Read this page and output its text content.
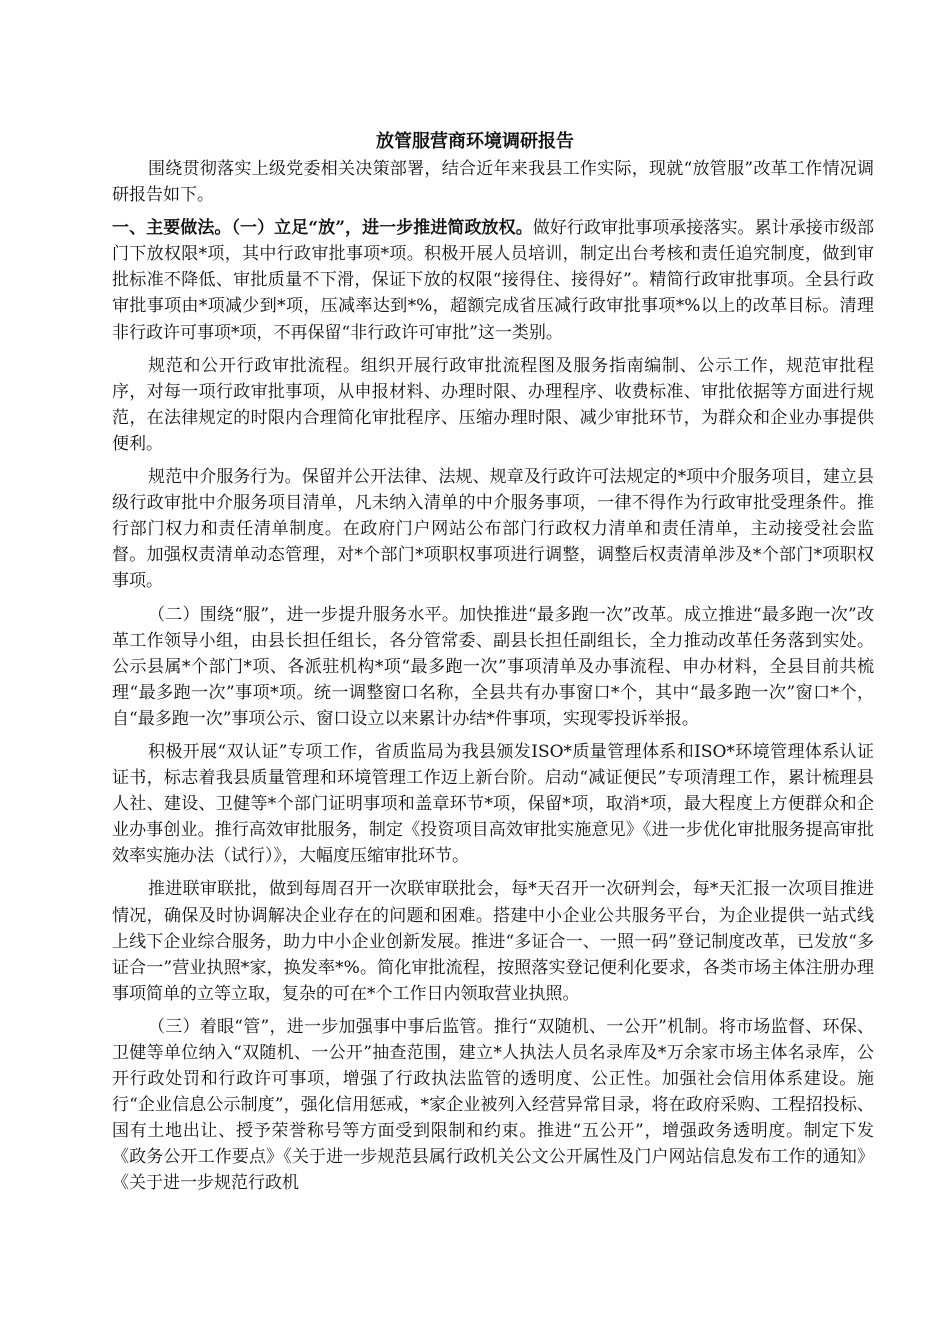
放管服营商环境调研报告

围绕贯彻落实上级党委相关决策部署，结合近年来我县工作实际，现就“放管服”改革工作情况调研报告如下。

一、主要做法。（一）立足“放”，进一步推进简政放权。做好行政审批事项承接落实。累计承接市级部门下放权限*项，其中行政审批事项*项。积极开展人员培训，制定出台考核和责任追究制度，做到审批标准不降低、审批质量不下滑，保证下放的权限“接得住、接得好”。精简行政审批事项。全县行政审批事项由*项减少到*项，压减率达到*%，超额完成省压减行政审批事项*%以上的改革目标。清理非行政许可事项*项，不再保留“非行政许可审批”这一类别。

规范和公开行政审批流程。组织开展行政审批流程图及服务指南编制、公示工作，规范审批程序，对每一项行政审批事项，从申报材料、办理时限、办理程序、收费标准、审批依据等方面进行规范，在法律规定的时限内合理简化审批程序、压缩办理时限、减少审批环节，为群众和企业办事提供便利。

规范中介服务行为。保留并公开法律、法规、规章及行政许可法规定的*项中介服务项目，建立县级行政审批中介服务项目清单，凡未纳入清单的中介服务事项，一律不得作为行政审批受理条件。推行部门权力和责任清单制度。在政府门户网站公布部门行政权力清单和责任清单，主动接受社会监督。加强权责清单动态管理，对*个部门*项职权事项进行调整，调整后权责清单涉及*个部门*项职权事项。

（二）围绕“服”，进一步提升服务水平。加快推进“最多跑一次”改革。成立推进“最多跑一次”改革工作领导小组，由县长担任组长，各分管常委、副县长担任副组长，全力推动改革任务落到实处。公示县属*个部门*项、各派驻机构*项“最多跑一次”事项清单及办事流程、申办材料，全县目前共梳理“最多跑一次”事项*项。统一调整窗口名称，全县共有办事窗口*个，其中“最多跑一次”窗口*个，自“最多跑一次”事项公示、窗口设立以来累计办结*件事项，实现零投诉举报。

积极开展“双认证”专项工作，省质监局为我县颁发ISO*质量管理体系和ISO*环境管理体系认证证书，标志着我县质量管理和环境管理工作迈上新台阶。启动“减证便民”专项清理工作，累计梳理县人社、建设、卫健等*个部门证明事项和盖章环节*项，保留*项，取消*项，最大程度上方便群众和企业办事创业。推行高效审批服务，制定《投资项目高效审批实施意见》《进一步优化审批服务提高审批效率实施办法（试行）》，大幅度压缩审批环节。

推进联审联批，做到每周召开一次联审联批会，每*天召开一次研判会，每*天汇报一次项目推进情况，确保及时协调解决企业存在的问题和困难。搭建中小企业公共服务平台，为企业提供一站式线上线下企业综合服务，助力中小企业创新发展。推进“多证合一、一照一码”登记制度改革，已发放“多证合一”营业执照*家，换发率*%。简化审批流程，按照落实登记便利化要求，各类市场主体注册办理事项简单的立等立取，复杂的可在*个工作日内领取营业执照。

（三）着眼“管”，进一步加强事中事后监管。推行“双随机、一公开”机制。将市场监督、环保、卫健等单位纳入“双随机、一公开”抽查范围，建立*人执法人员名录库及*万余家市场主体名录库，公开行政处罚和行政许可事项，增强了行政执法监管的透明度、公正性。加强社会信用体系建设。施行“企业信息公示制度”，强化信用惩戒，*家企业被列入经营异常目录，将在政府采购、工程招投标、国有土地出让、授予荣誉称号等方面受到限制和约束。推进“五公开”，增强政务透明度。制定下发《政务公开工作要点》《关于进一步规范县属行政机关公文公开属性及门户网站信息发布工作的通知》《关于进一步规范行政机
